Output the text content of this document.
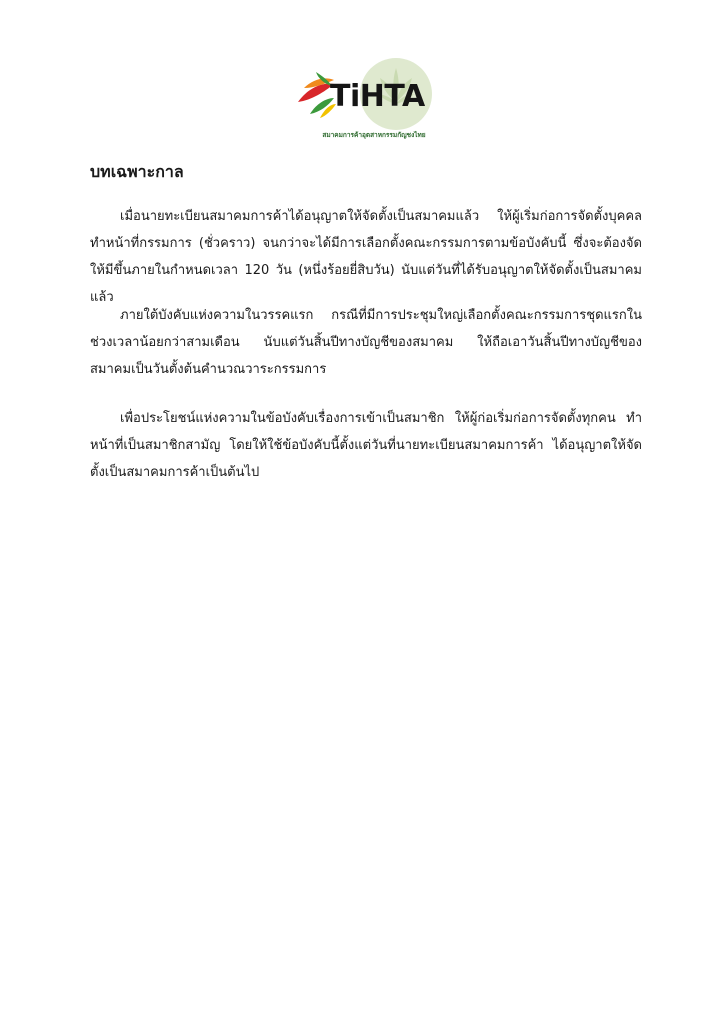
TiHTA
สมาคมการค้าอุตสาหกรรมกัญชงไทย
บทเฉพาะกาล

เมื่อนายทะเบียนสมาคมการค้าได้อนุญาตให้จัดตั้งเป็นสมาคมแล้ว ให้ผู้เริ่มก่อการจัดตั้งบุคคลทำหน้าที่กรรมการ (ชั่วคราว) จนกว่าจะได้มีการเลือกตั้งคณะกรรมการตามข้อบังคับนี้ ซึ่งจะต้องจัดให้มีขึ้นภายในกำหนดเวลา 120 วัน (หนึ่งร้อยยี่สิบวัน) นับแต่วันที่ได้รับอนุญาตให้จัดตั้งเป็นสมาคมแล้ว

ภายใต้บังคับแห่งความในวรรคแรก กรณีที่มีการประชุมใหญ่เลือกตั้งคณะกรรมการชุดแรกในช่วงเวลาน้อยกว่าสามเดือน นับแต่วันสิ้นปีทางบัญชีของสมาคม ให้ถือเอาวันสิ้นปีทางบัญชีของสมาคมเป็นวันตั้งต้นคำนวณวาระกรรมการ

เพื่อประโยชน์แห่งความในข้อบังคับเรื่องการเข้าเป็นสมาชิก ให้ผู้ก่อเริ่มก่อการจัดตั้งทุกคน ทำหน้าที่เป็นสมาชิกสามัญ โดยให้ใช้ข้อบังคับนี้ตั้งแต่วันที่นายทะเบียนสมาคมการค้า ได้อนุญาตให้จัดตั้งเป็นสมาคมการค้าเป็นต้นไป
